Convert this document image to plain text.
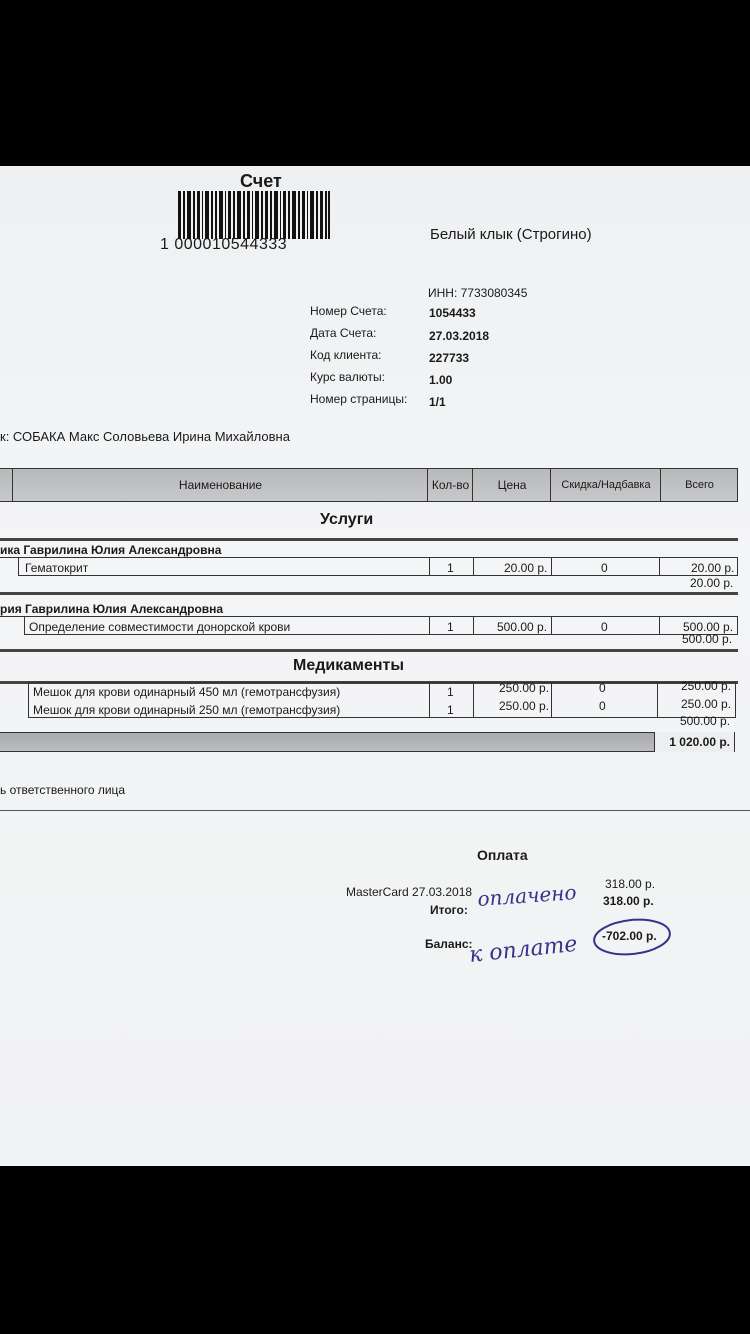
Счет
1 000010544333
Белый клык (Строгино)
ИНН: 7733080345
Номер Счета:	1054433
Дата Счета:	27.03.2018
Код клиента:	227733
Курс валюты:	1.00
Номер страницы: 1/1
к: СОБАКА Макс Соловьева Ирина Михайловна
Наименование	Кол-во	Цена	Скидка/Надбавка	Всего
Услуги
ика Гаврилина Юлия Александровна
Гематокрит	1	20.00 р.	0	20.00 р.
20.00 р.
рия Гаврилина Юлия Александровна
Определение совместимости донорской крови	1	500.00 р.	0	500.00 р.
500.00 р.
Медикаменты
Мешок для крови одинарный 450 мл (гемотрансфузия)	1	250.00 р.	0	250.00 р.
Мешок для крови одинарный 250 мл (гемотрансфузия)	1	250.00 р.	0	250.00 р.
500.00 р.
1 020.00 р.
ь ответственного лица
Оплата
318.00 р.
MasterCard 27.03.2018
Итого:
318.00 р.
Баланс:
-702.00 р.
оплачено
к оплате
